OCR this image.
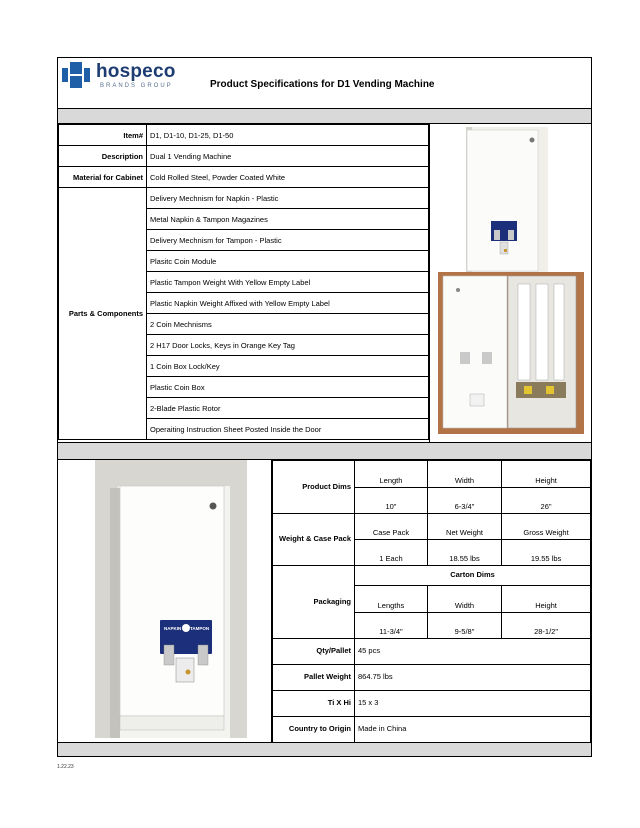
hospeco
BRANDS GROUP	Product Specifications for D1 Vending Machine
Item#	D1, D1-10, D1-25, D1-50
Description	Dual 1 Vending Machine
Material for Cabinet	Cold Rolled Steel, Powder Coated White
Parts & Components	Delivery Mechnism for Napkin - Plastic
	Metal Napkin & Tampon Magazines
	Delivery Mechnism for Tampon - Plastic
	Plasitc Coin Module
	Plastic Tampon Weight With Yellow Empty Label
	Plastic Napkin Weight Affixed with Yellow Empty Label
	2 Coin Mechnisms
	2 H17 Door Locks, Keys in Orange Key Tag
	1 Coin Box Lock/Key
	Plastic Coin Box
	2-Blade Plastic Rotor
	Operaiting Instruction Sheet Posted Inside the Door
NAPKIN TAMPON
Product Dims	Length	Width	Height
	10"	6-3/4"	26"
Weight & Case Pack	Case Pack	Net Weight	Gross Weight
	1 Each	18.55 lbs	19.55 lbs
Packaging	Carton Dims		
	Lengths	Width	Height
	11-3/4"	9-5/8"	28-1/2"
Qty/Pallet	45 pcs		
Pallet Weight	864.75 lbs		
Ti X Hi	15 x 3		
Country to Origin	Made in China		
1.22.23
